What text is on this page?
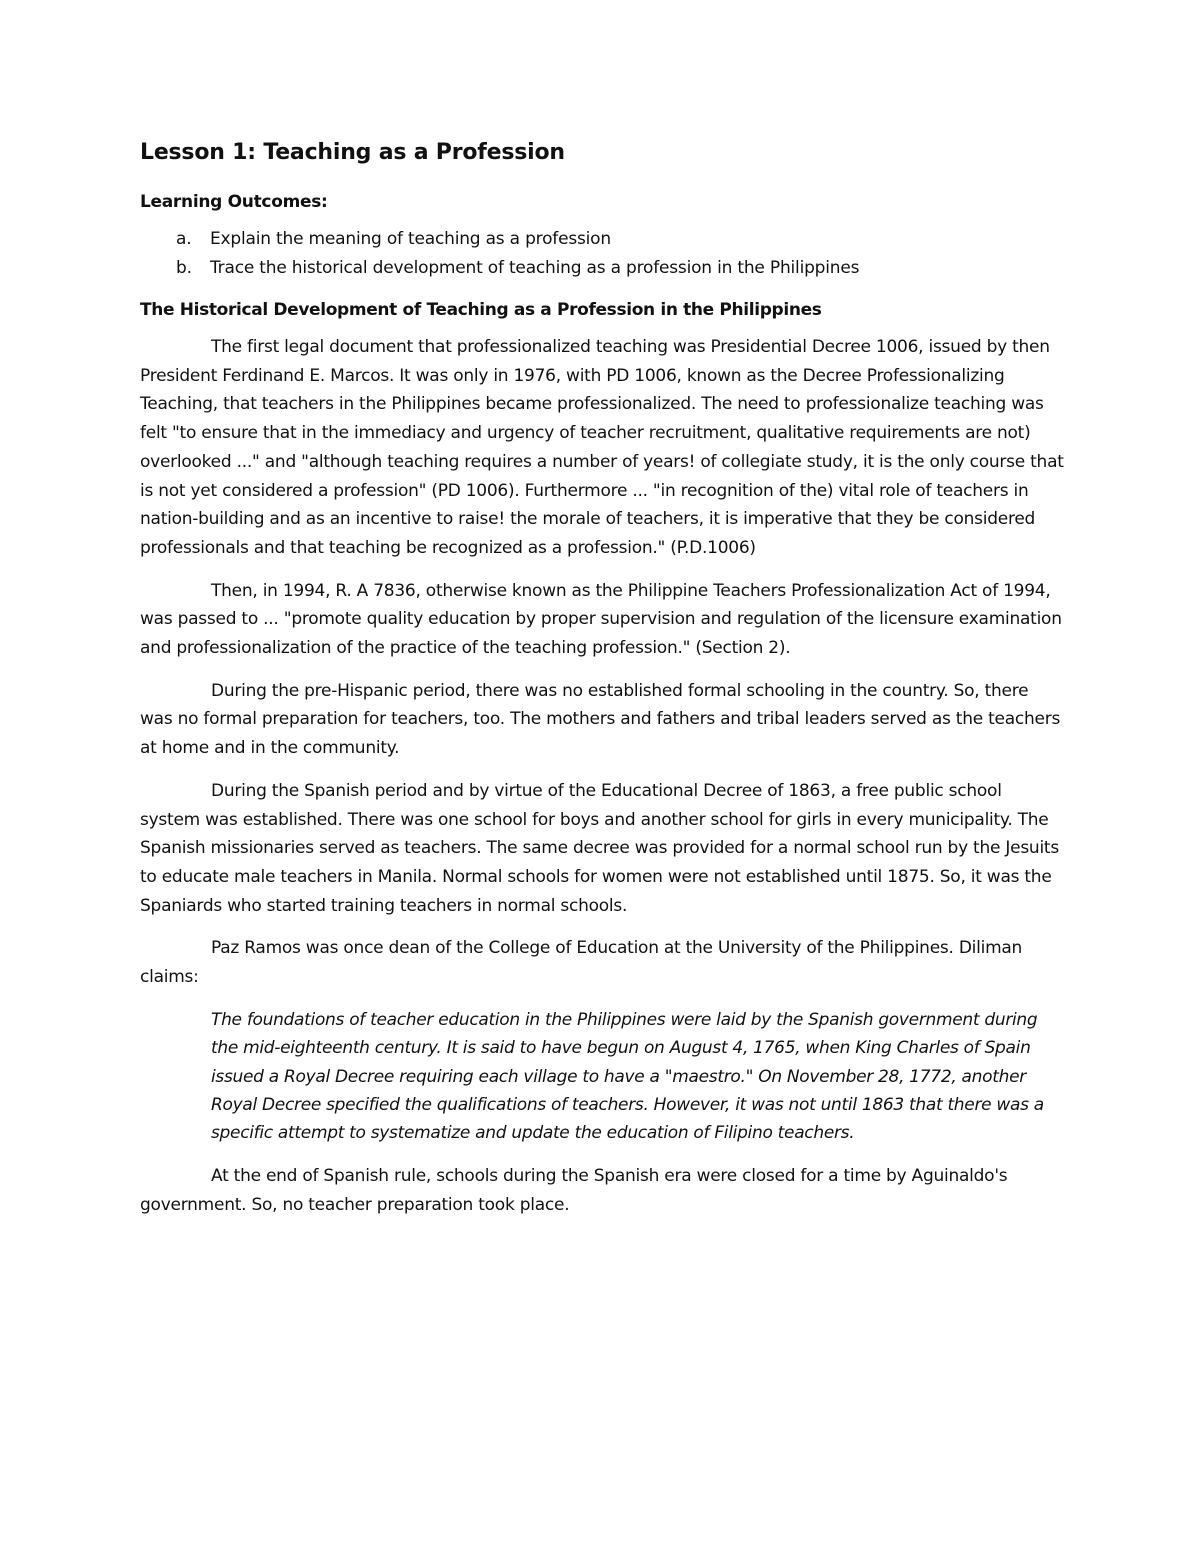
Lesson 1: Teaching as a Profession
Learning Outcomes:
a. Explain the meaning of teaching as a profession
b. Trace the historical development of teaching as a profession in the Philippines
The Historical Development of Teaching as a Profession in the Philippines

The first legal document that professionalized teaching was Presidential Decree 1006, issued by then President Ferdinand E. Marcos. It was only in 1976, with PD 1006, known as the Decree Professionalizing Teaching, that teachers in the Philippines became professionalized. The need to professionalize teaching was felt "to ensure that in the immediacy and urgency of teacher recruitment, qualitative requirements are not) overlooked ..." and "although teaching requires a number of years! of collegiate study, it is the only course that is not yet considered a profession" (PD 1006). Furthermore ... "in recognition of the) vital role of teachers in nation-building and as an incentive to raise! the morale of teachers, it is imperative that they be considered professionals and that teaching be recognized as a profession." (P.D.1006)

Then, in 1994, R. A 7836, otherwise known as the Philippine Teachers Professionalization Act of 1994, was passed to ... "promote quality education by proper supervision and regulation of the licensure examination and professionalization of the practice of the teaching profession." (Section 2).

During the pre-Hispanic period, there was no established formal schooling in the country. So, there was no formal preparation for teachers, too. The mothers and fathers and tribal leaders served as the teachers at home and in the community.

During the Spanish period and by virtue of the Educational Decree of 1863, a free public school system was established. There was one school for boys and another school for girls in every municipality. The Spanish missionaries served as teachers. The same decree was provided for a normal school run by the Jesuits to educate male teachers in Manila. Normal schools for women were not established until 1875. So, it was the Spaniards who started training teachers in normal schools.

Paz Ramos was once dean of the College of Education at the University of the Philippines. Diliman claims:

The foundations of teacher education in the Philippines were laid by the Spanish government during the mid-eighteenth century. It is said to have begun on August 4, 1765, when King Charles of Spain issued a Royal Decree requiring each village to have a "maestro." On November 28, 1772, another Royal Decree specified the qualifications of teachers. However, it was not until 1863 that there was a specific attempt to systematize and update the education of Filipino teachers.

At the end of Spanish rule, schools during the Spanish era were closed for a time by Aguinaldo's government. So, no teacher preparation took place.
